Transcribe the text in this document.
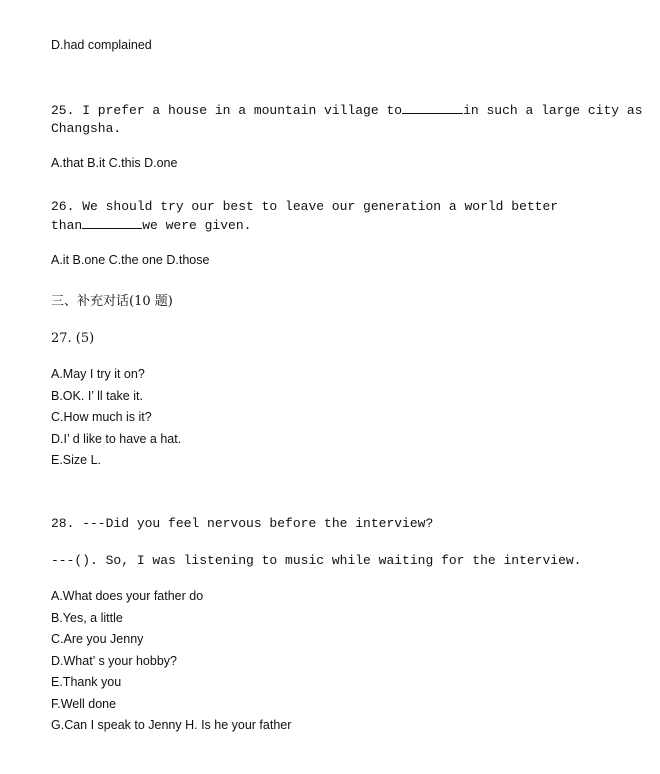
D.had complained
25. I prefer a house in a mountain village to	in such a large city as
Changsha.
A.that B.it C.this D.one
26. We should try our best to leave our generation a world better
than	we were given.
A.it B.one C.the one D.those
三、补充对话(10 题)
27. (5)
A.May I try it on?
B.OK. I’ ll take it.
C.How much is it?
D.I’ d like to have a hat.
E.Size L.
28. ---Did you feel nervous before the interview?
---(). So, I was listening to music while waiting for the interview.
A.What does your father do
B.Yes, a little
C.Are you Jenny
D.What’ s your hobby?
E.Thank you
F.Well done
G.Can I speak to Jenny H. Is he your father
